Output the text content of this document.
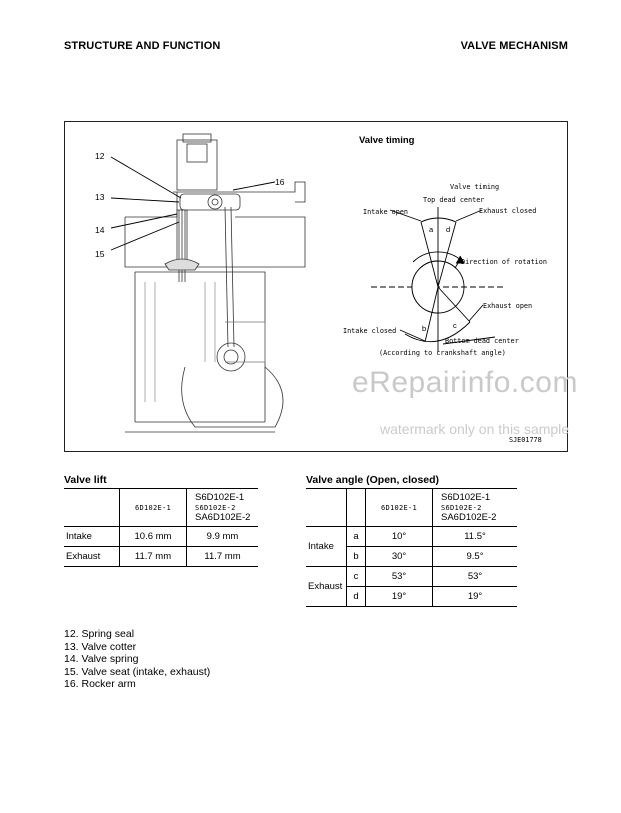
STRUCTURE AND FUNCTION	VALVE MECHANISM
12
13
14
15
16	Valve timing
Top dead center
Intake open	Exhaust closed
Direction of rotation
Exhaust open
Intake closed
Bottom dead center
(According to crankshaft angle)
SJE01778
a d
b	c
Valve timing
eRepairinfo.com
watermark only on this sample
Valve lift
	6D102E-1	S6D102E-1
S6D102E-2
SA6D102E-2

Intake	10.6 mm	9.9 mm
Exhaust	11.7 mm	11.7 mm
Valve angle (Open, closed)
		6D102E-1	S6D102E-1
S6D102E-2
SA6D102E-2

Intake	a	10°	11.5°
	b	30°	9.5°
Exhaust	c	53°	53°
	d	19°	19°
12. Spring seal
13. Valve cotter
14. Valve spring
15. Valve seat (intake, exhaust)
16. Rocker arm
